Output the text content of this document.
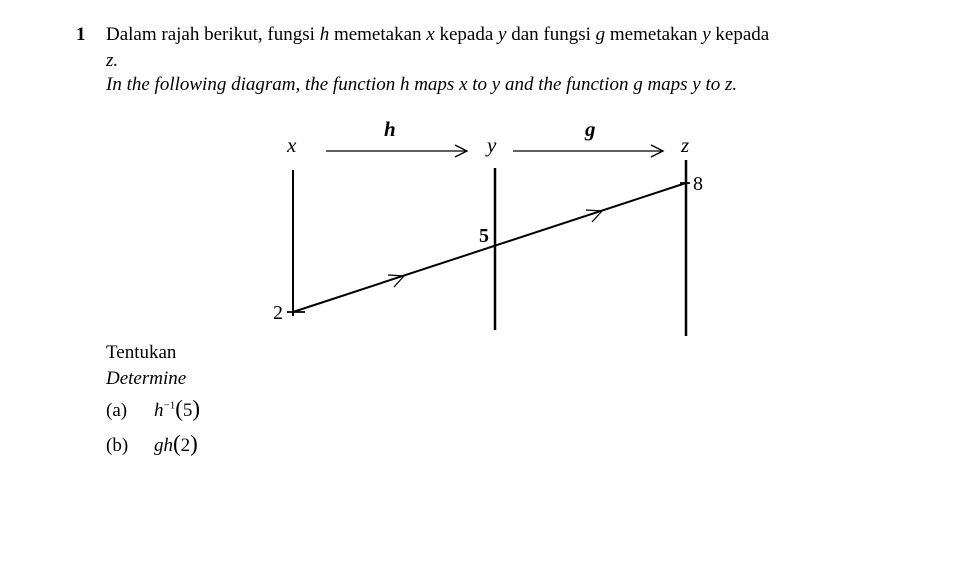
1 Dalam rajah berikut, fungsi h memetakan x kepada y dan fungsi g memetakan y kepada
z.
In the following diagram, the function h maps x to y and the function g maps y to z.
x
h
y
g
z
2
5
8
Tentukan
Determine
(a) $h^{-1}(5)$
(b) gh(2)
